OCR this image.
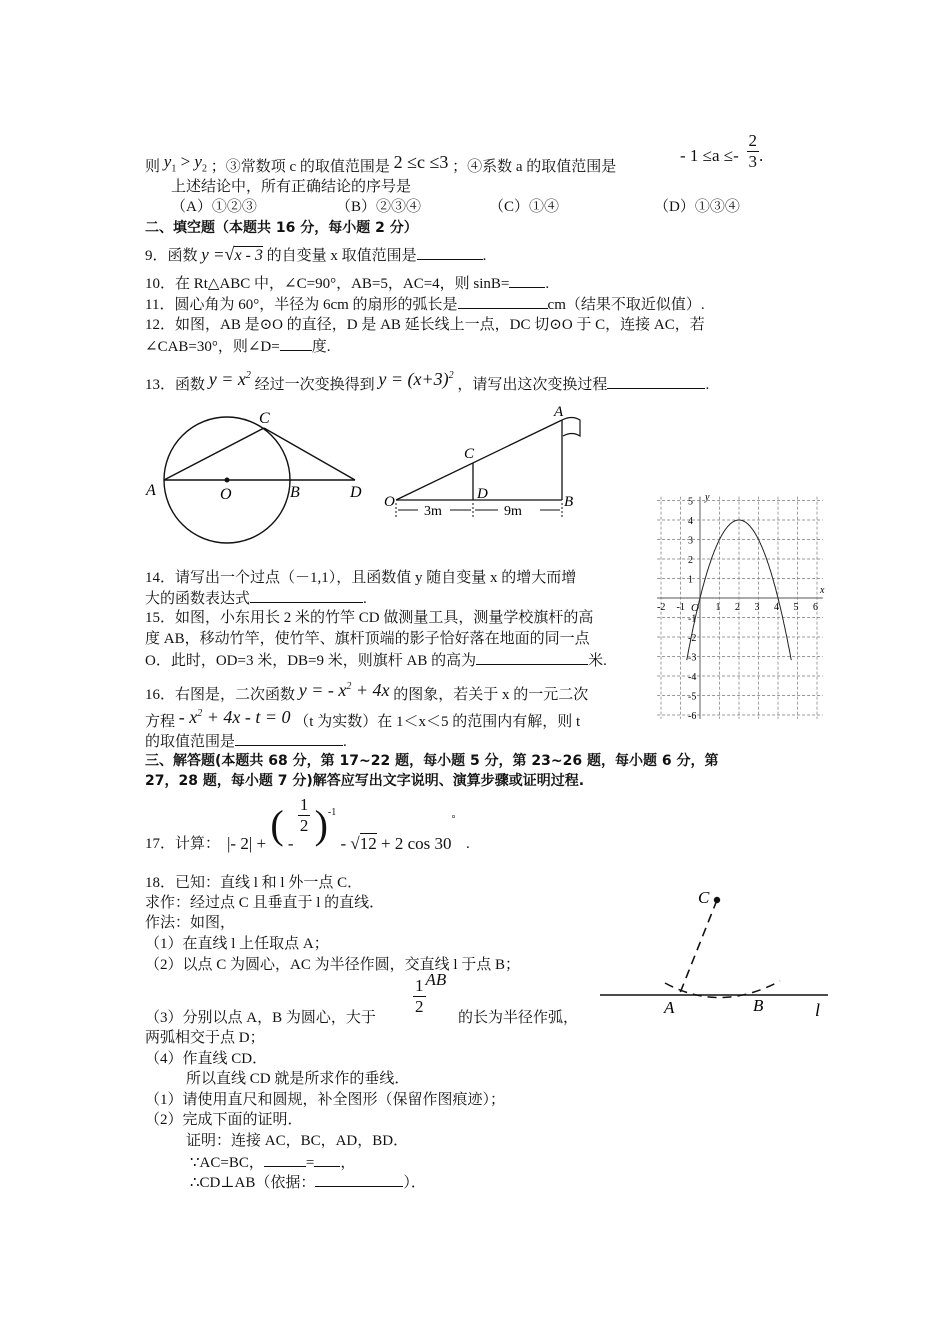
则 $y_1 > y_2$ ；③常数项 c 的取值范围是 2 ≤c ≤3 ；④系数 a 的取值范围是
- $1 \le a \le- \frac{2}{3}$ .
上述结论中，所有正确结论的序号是
（A）①②③	（B）②③④	（C）①④	（D）①③④
二、填空题（本题共 16 分，每小题 2 分）
9．函数 y =√x - 3 的自变量 x 取值范围是	.
10．在 Rt△ABC 中，∠C=90°，AB=5，AC=4，则 sinB= .
11．圆心角为 60°，半径为 6cm 的扇形的弧长是	cm（结果不取近似值）.
12．如图，AB 是⊙O 的直径，D 是 AB 延长线上一点，DC 切⊙O 于 C，连接 AC，若
∠CAB=30°，则∠D= 度.
13．函数 $y = x^2$ 经过一次变换得到 $y = (x+3)^2$ ，请写出这次变换过程	.
A	O	B	D
C
3m	9m
O
C
D
A
B
-2 -1	1 2 3 4 5 6
5
4
3
2
1
-1
-2
-3
-4
-5
-6
y
x
O
14．请写出一个过点（－1,1），且函数值 y 随自变量 x 的增大而增
大的函数表达式	.
15．如图，小东用长 2 米的竹竿 CD 做测量工具，测量学校旗杆的高
度 AB，移动竹竿，使竹竿、旗杆顶端的影子恰好落在地面的同一点
O．此时，OD=3 米，DB=9 米，则旗杆 AB 的高为	米.
16．右图是，二次函数 y = - $x^2 + 4x$ 的图象，若关于 x 的一元二次
方程 - $x^2 + 4x - t = 0$ （t 为实数）在 1＜x＜5 的范围内有解，则 t
的取值范围是	.
三、解答题(本题共 68 分，第 17~22 题，每小题 5 分，第 23~26 题，每小题 6 分，第
27，28 题，每小题 7 分)解答应写出文字说明、演算步骤或证明过程.
17．计算： |- 2| + ( -
$\frac{1}{2} )^{-1} - √12 + 2$ cos 30°
.
18．已知：直线 l 和 l 外一点 C．
求作：经过点 C 且垂直于 l 的直线．
作法：如图，
（1）在直线 l 上任取点 A；
（2）以点 C 为圆心，AC 为半径作圆，交直线 l 于点 B；
（3）分别以点 A，B 为圆心，大于
$\frac{1}{2}$ AB
的长为半径作弧，
两弧相交于点 D；
（4）作直线 CD．
所以直线 CD 就是所求作的垂线．
（1）请使用直尺和圆规，补全图形（保留作图痕迹）；
（2）完成下面的证明．
证明：连接 AC，BC，AD，BD．
∵AC=BC，	= ，
∴CD⊥AB（依据：	）．
C
A	B	l
